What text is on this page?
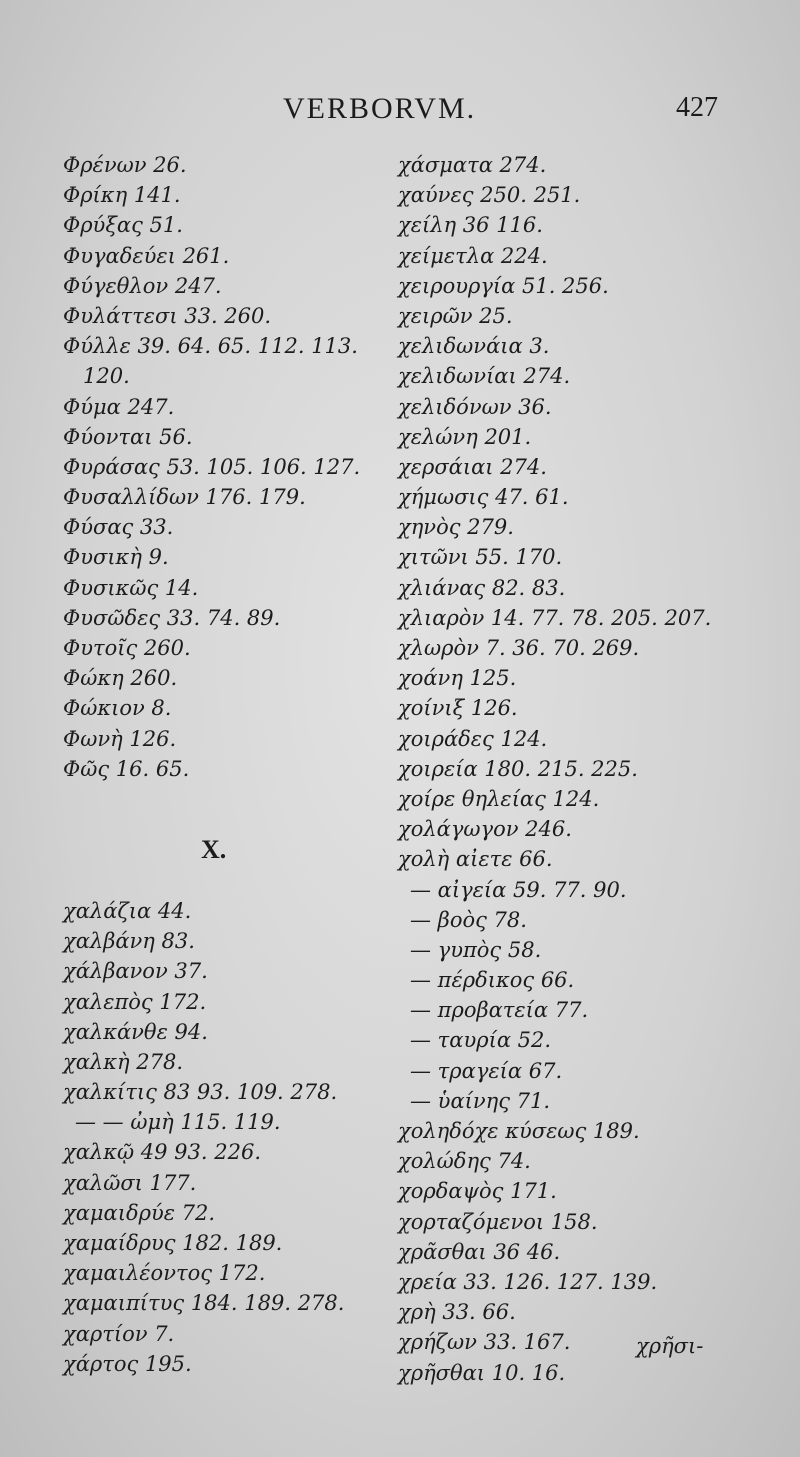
VERBORVM.	427
Φρένων 26.
Φρίκη 141.
Φρύξας 51.
Φυγαδεύει 261.
Φύγεθλον 247.
Φυλάττεσι 33. 260.
Φύλλε 39. 64. 65. 112. 113.
120.
Φύμα 247.
Φύονται 56.
Φυράσας 53. 105. 106. 127.
Φυσαλλίδων 176. 179.
Φύσας 33.
Φυσικὴ 9.
Φυσικῶς 14.
Φυσῶδες 33. 74. 89.
Φυτοῖς 260.
Φώκη 260.
Φώκιον 8.
Φωνὴ 126.
Φῶς 16. 65.
X.
χαλάζια 44.
χαλβάνη 83.
χάλβανον 37.
χαλεπὸς 172.
χαλκάνθε 94.
χαλκὴ 278.
χαλκίτις 83 93. 109. 278.
— — ὠμὴ 115. 119.
χαλκῷ 49 93. 226.
χαλῶσι 177.
χαμαιδρύε 72.
χαμαίδρυς 182. 189.
χαμαιλέοντος 172.
χαμαιπίτυς 184. 189. 278.
χαρτίον 7.
χάρτος 195.
χάσματα 274.
χαύνες 250. 251.
χείλη 36 116.
χείμετλα 224.
χειρουργία 51. 256.
χειρῶν 25.
χελιδωνάια 3.
χελιδωνίαι 274.
χελιδόνων 36.
χελώνη 201.
χερσάιαι 274.
χήμωσις 47. 61.
χηνὸς 279.
χιτῶνι 55. 170.
χλιάνας 82. 83.
χλιαρὸν 14. 77. 78. 205. 207.
χλωρὸν 7. 36. 70. 269.
χοάνη 125.
χοίνιξ 126.
χοιράδες 124.
χοιρεία 180. 215. 225.
χοίρε θηλείας 124.
χολάγωγον 246.
χολὴ αἰετε 66.
— αἰγεία 59. 77. 90.
— βοὸς 78.
— γυπὸς 58.
— πέρδικος 66.
— προβατεία 77.
— ταυρία 52.
— τραγεία 67.
— ὑαίνης 71.
χοληδόχε κύσεως 189.
χολώδης 74.
χορδαψὸς 171.
χορταζόμενοι 158.
χρᾶσθαι 36 46.
χρεία 33. 126. 127. 139.
χρὴ 33. 66.
χρήζων 33. 167.
χρῆσθαι 10. 16.
χρῆσι-
